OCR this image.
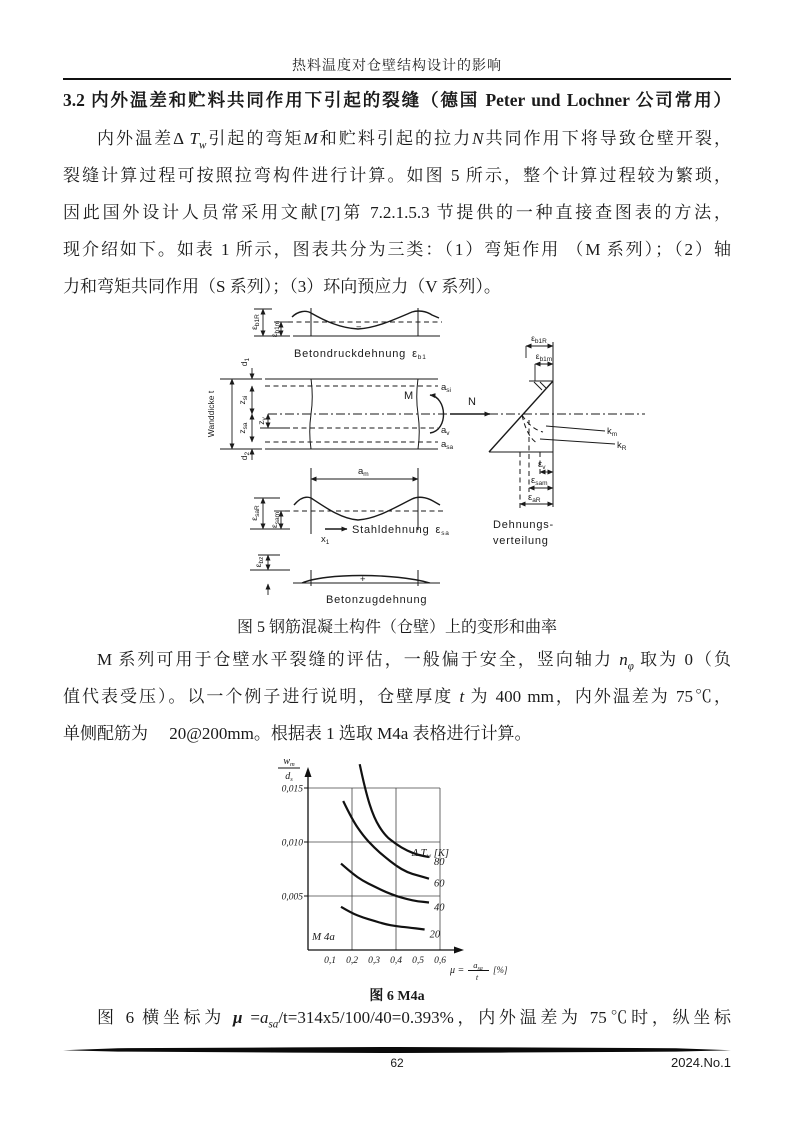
热料温度对仓壁结构设计的影响
3.2 内外温差和贮料共同作用下引起的裂缝（德国 Peter und Lochner 公司常用）
内外温差Δ $T_w$引起的弯矩M和贮料引起的拉力N共同作用下将导致仓壁开裂，
裂缝计算过程可按照拉弯构件进行计算。如图 5 所示，整个计算过程较为繁琐，
因此国外设计人员常采用文献[7]第 7.2.1.5.3 节提供的一种直接查图表的方法，
现介绍如下。如表 1 所示，图表共分为三类：（1）弯矩作用 （M 系列）；（2）轴
力和弯矩共同作用（S 系列）；（3）环向预应力（V 系列）。
−
$\varepsilon_{b1R}$
$\varepsilon_{b1m}$
Betondruckdehnung εb1
Wanddicke t
$d_1$
$z_{si}$
$z_{sa}$ $z_v$
$d_2$
$a_{si}$
$a_v$
$a_{sa}$
M	N
$a_m$
$\varepsilon_{saR}$
$\varepsilon_{sam}$
$x_1$
Stahldehnung εsa
+
$\varepsilon_{bz}$
Betonzugdehnung
$\varepsilon_{b1R}$
$\varepsilon_{b1m}$
$k_m$
$k_R$
$\varepsilon_v$
$\varepsilon_{sam}$
$\varepsilon_{aR}$
Dehnungs-
verteilung
图 5 钢筋混凝土构件（仓壁）上的变形和曲率
M 系列可用于仓壁水平裂缝的评估，一般偏于安全，竖向轴力 $n_\varphi$ 取为 0（负
值代表受压）。以一个例子进行说明，仓壁厚度 t 为 400 mm，内外温差为 75℃，
单侧配筋为　 20@200mm。根据表 1 选取 M4a 表格进行计算。
0,1 0,2 0,3 0,4 0,5 0,6
0,005
0,010
0,015
80
60
40
20
$w_m$
$d_s$
$\mu = a_{sa}$
t
[%]
Δ Tw [K]
M 4a
图 6 M4a
图 6 横坐标为 $\mu =a_{sa}/t=314x5/100/40=0.393\%$，内外温差为 75℃时，纵坐标
62	2024.No.1
